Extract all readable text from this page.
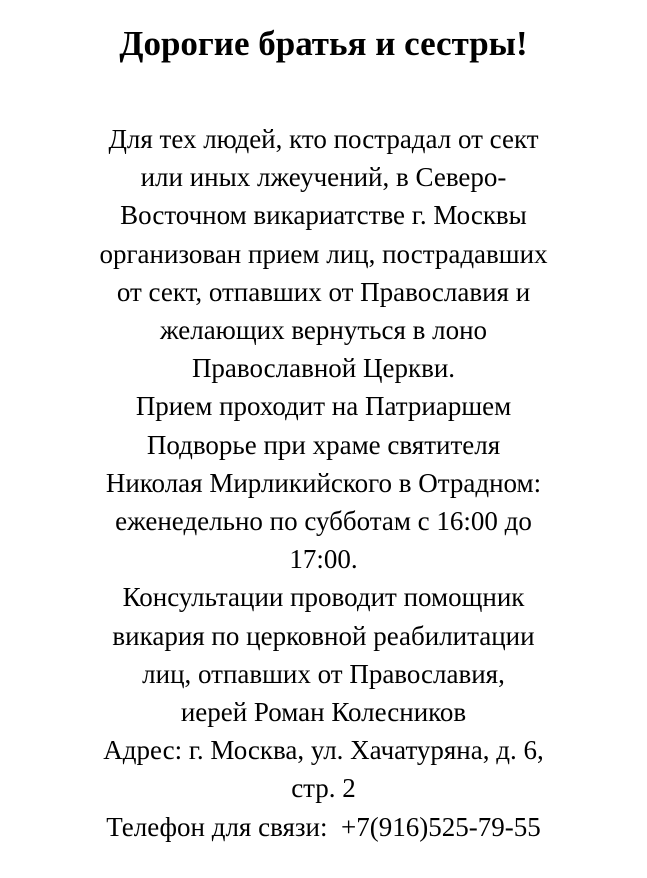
Дорогие братья и сестры!
Для тех людей, кто пострадал от сект
или иных лжеучений, в Северо-
Восточном викариатстве г. Москвы
организован прием лиц, пострадавших
от сект, отпавших от Православия и
желающих вернуться в лоно
Православной Церкви.
Прием проходит на Патриаршем
Подворье при храме святителя
Николая Мирликийского в Отрадном:
еженедельно по субботам с 16:00 до
17:00.
Консультации проводит помощник
викария по церковной реабилитации
лиц, отпавших от Православия,
иерей Роман Колесников
Адрес: г. Москва, ул. Хачатуряна, д. 6,
стр. 2
Телефон для связи:  +7(916)525-79-55
